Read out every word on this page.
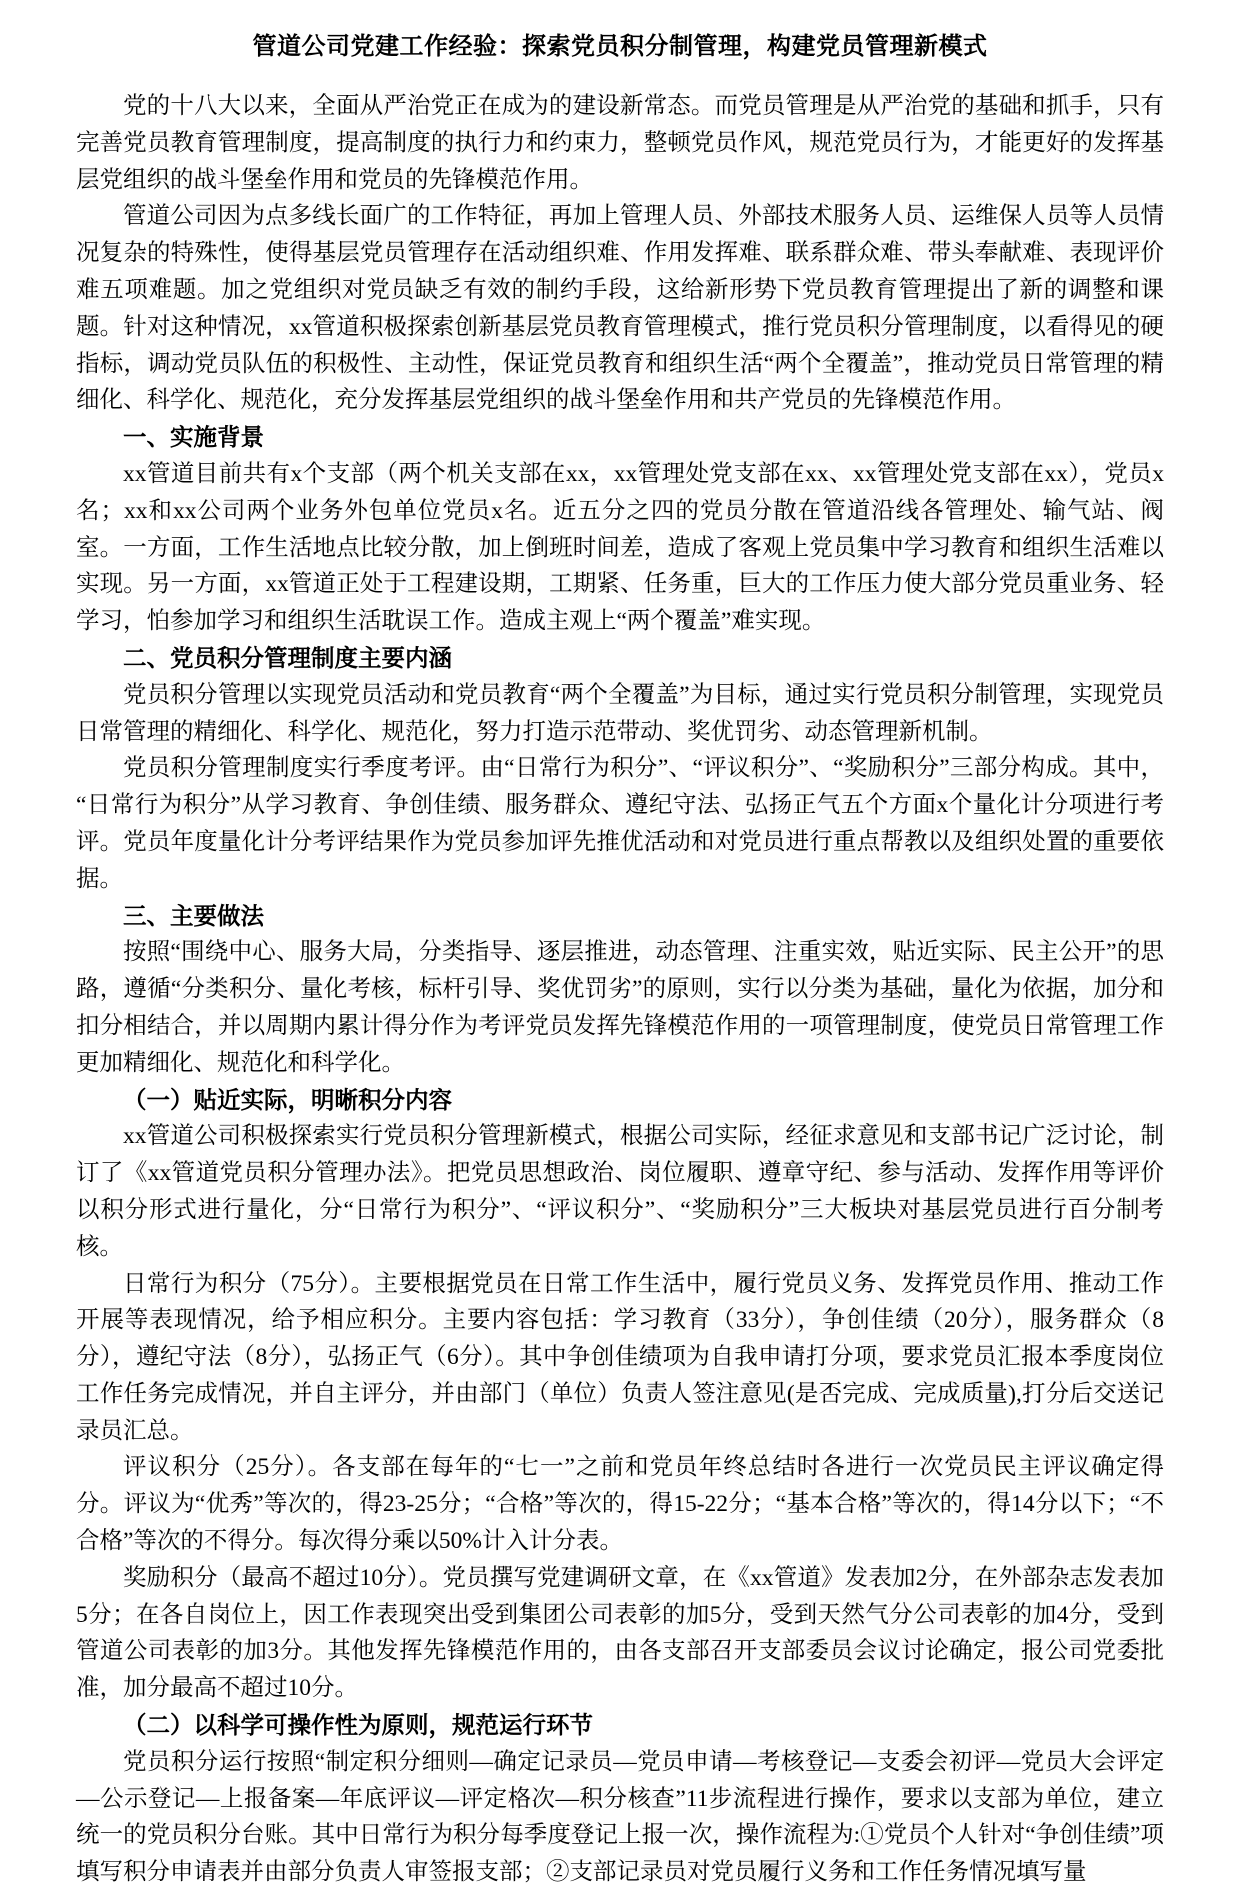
管道公司党建工作经验：探索党员积分制管理，构建党员管理新模式

党的十八大以来，全面从严治党正在成为的建设新常态。而党员管理是从严治党的基础和抓手，只有完善党员教育管理制度，提高制度的执行力和约束力，整顿党员作风，规范党员行为，才能更好的发挥基层党组织的战斗堡垒作用和党员的先锋模范作用。

管道公司因为点多线长面广的工作特征，再加上管理人员、外部技术服务人员、运维保人员等人员情况复杂的特殊性，使得基层党员管理存在活动组织难、作用发挥难、联系群众难、带头奉献难、表现评价难五项难题。加之党组织对党员缺乏有效的制约手段，这给新形势下党员教育管理提出了新的调整和课题。针对这种情况，xx管道积极探索创新基层党员教育管理模式，推行党员积分管理制度，以看得见的硬指标，调动党员队伍的积极性、主动性，保证党员教育和组织生活“两个全覆盖”，推动党员日常管理的精细化、科学化、规范化，充分发挥基层党组织的战斗堡垒作用和共产党员的先锋模范作用。

一、实施背景

xx管道目前共有x个支部（两个机关支部在xx，xx管理处党支部在xx、xx管理处党支部在xx），党员x名；xx和xx公司两个业务外包单位党员x名。近五分之四的党员分散在管道沿线各管理处、输气站、阀室。一方面，工作生活地点比较分散，加上倒班时间差，造成了客观上党员集中学习教育和组织生活难以实现。另一方面，xx管道正处于工程建设期，工期紧、任务重，巨大的工作压力使大部分党员重业务、轻学习，怕参加学习和组织生活耽误工作。造成主观上“两个覆盖”难实现。

二、党员积分管理制度主要内涵

党员积分管理以实现党员活动和党员教育“两个全覆盖”为目标，通过实行党员积分制管理，实现党员日常管理的精细化、科学化、规范化，努力打造示范带动、奖优罚劣、动态管理新机制。

党员积分管理制度实行季度考评。由“日常行为积分”、“评议积分”、“奖励积分”三部分构成。其中，“日常行为积分”从学习教育、争创佳绩、服务群众、遵纪守法、弘扬正气五个方面x个量化计分项进行考评。党员年度量化计分考评结果作为党员参加评先推优活动和对党员进行重点帮教以及组织处置的重要依据。

三、主要做法

按照“围绕中心、服务大局，分类指导、逐层推进，动态管理、注重实效，贴近实际、民主公开”的思路，遵循“分类积分、量化考核，标杆引导、奖优罚劣”的原则，实行以分类为基础，量化为依据，加分和扣分相结合，并以周期内累计得分作为考评党员发挥先锋模范作用的一项管理制度，使党员日常管理工作更加精细化、规范化和科学化。

（一）贴近实际，明晰积分内容

xx管道公司积极探索实行党员积分管理新模式，根据公司实际，经征求意见和支部书记广泛讨论，制订了《xx管道党员积分管理办法》。把党员思想政治、岗位履职、遵章守纪、参与活动、发挥作用等评价以积分形式进行量化，分“日常行为积分”、“评议积分”、“奖励积分”三大板块对基层党员进行百分制考核。

日常行为积分（75分）。主要根据党员在日常工作生活中，履行党员义务、发挥党员作用、推动工作开展等表现情况，给予相应积分。主要内容包括：学习教育（33分），争创佳绩（20分），服务群众（8分），遵纪守法（8分），弘扬正气（6分）。其中争创佳绩项为自我申请打分项，要求党员汇报本季度岗位工作任务完成情况，并自主评分，并由部门（单位）负责人签注意见(是否完成、完成质量),打分后交送记录员汇总。

评议积分（25分）。各支部在每年的“七一”之前和党员年终总结时各进行一次党员民主评议确定得分。评议为“优秀”等次的，得23-25分；“合格”等次的，得15-22分；“基本合格”等次的，得14分以下；“不合格”等次的不得分。每次得分乘以50%计入计分表。

奖励积分（最高不超过10分）。党员撰写党建调研文章，在《xx管道》发表加2分，在外部杂志发表加5分；在各自岗位上，因工作表现突出受到集团公司表彰的加5分，受到天然气分公司表彰的加4分，受到管道公司表彰的加3分。其他发挥先锋模范作用的，由各支部召开支部委员会议讨论确定，报公司党委批准，加分最高不超过10分。

（二）以科学可操作性为原则，规范运行环节

党员积分运行按照“制定积分细则—确定记录员—党员申请—考核登记—支委会初评—党员大会评定—公示登记—上报备案—年底评议—评定格次—积分核查”11步流程进行操作，要求以支部为单位，建立统一的党员积分台账。其中日常行为积分每季度登记上报一次，操作流程为:①党员个人针对“争创佳绩”项填写积分申请表并由部分负责人审签报支部；②支部记录员对党员履行义务和工作任务情况填写量
